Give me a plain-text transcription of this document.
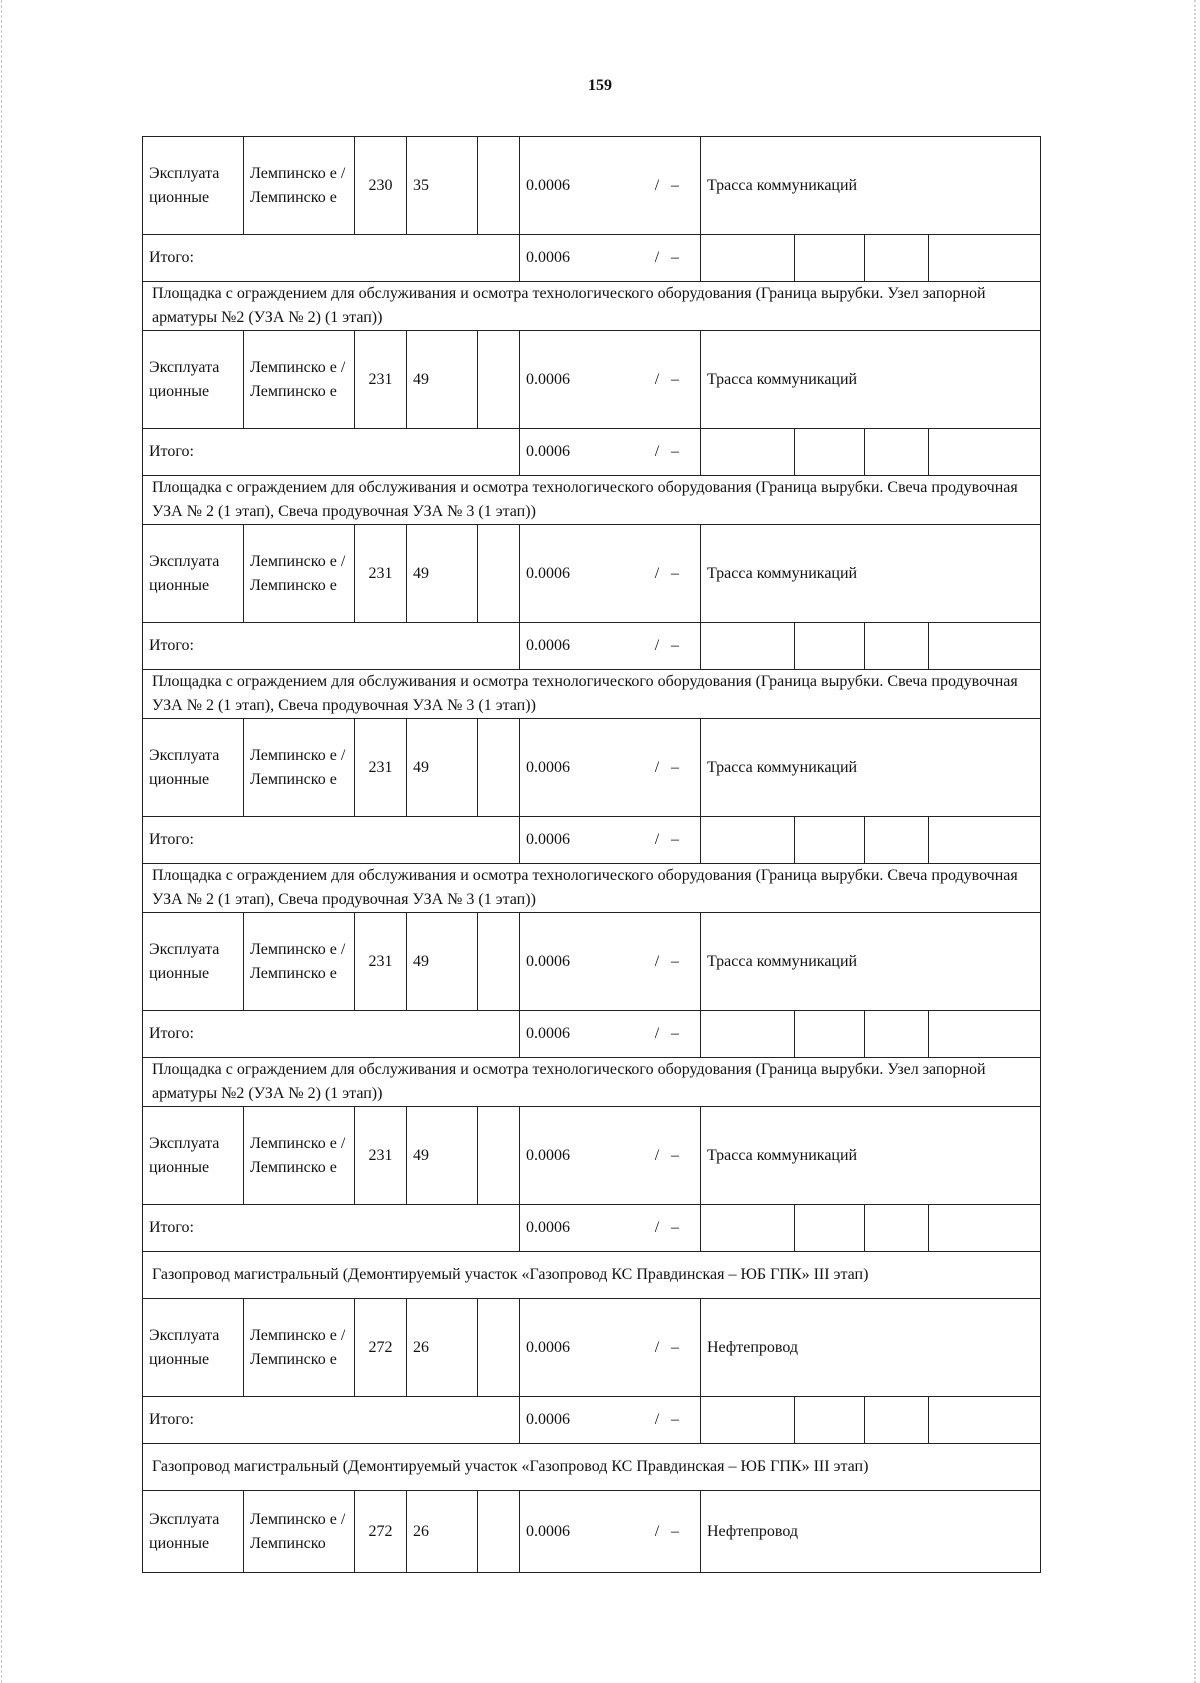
159
Эксплуата ционные	Лемпинско е / Лемпинско е	230	35		0.0006 / –	Трасса коммуникаций			
Итого:					0.0006 / –				
Площадка с ограждением для обслуживания и осмотра технологического оборудования (Граница вырубки. Узел запорной арматуры №2 (УЗА № 2) (1 этап))									
Эксплуата ционные	Лемпинско е / Лемпинско е	231	49		0.0006 / –	Трасса коммуникаций			
Итого:					0.0006 / –				
Площадка с ограждением для обслуживания и осмотра технологического оборудования (Граница вырубки. Свеча продувочная УЗА № 2 (1 этап), Свеча продувочная УЗА № 3 (1 этап))									
Эксплуата ционные	Лемпинско е / Лемпинско е	231	49		0.0006 / –	Трасса коммуникаций			
Итого:					0.0006 / –				
Площадка с ограждением для обслуживания и осмотра технологического оборудования (Граница вырубки. Свеча продувочная УЗА № 2 (1 этап), Свеча продувочная УЗА № 3 (1 этап))									
Эксплуата ционные	Лемпинско е / Лемпинско е	231	49		0.0006 / –	Трасса коммуникаций			
Итого:					0.0006 / –				
Площадка с ограждением для обслуживания и осмотра технологического оборудования (Граница вырубки. Свеча продувочная УЗА № 2 (1 этап), Свеча продувочная УЗА № 3 (1 этап))									
Эксплуата ционные	Лемпинско е / Лемпинско е	231	49		0.0006 / –	Трасса коммуникаций			
Итого:					0.0006 / –				
Площадка с ограждением для обслуживания и осмотра технологического оборудования (Граница вырубки. Узел запорной арматуры №2 (УЗА № 2) (1 этап))									
Эксплуата ционные	Лемпинско е / Лемпинско е	231	49		0.0006 / –	Трасса коммуникаций			
Итого:					0.0006 / –				
Газопровод магистральный (Демонтируемый участок «Газопровод КС Правдинская – ЮБ ГПК» III этап)									
Эксплуата ционные	Лемпинско е / Лемпинско е	272	26		0.0006 / –	Нефтепровод			
Итого:					0.0006 / –				
Газопровод магистральный (Демонтируемый участок «Газопровод КС Правдинская – ЮБ ГПК» III этап)									
Эксплуата ционные	Лемпинско е / Лемпинско	272	26		0.0006 / –	Нефтепровод			
